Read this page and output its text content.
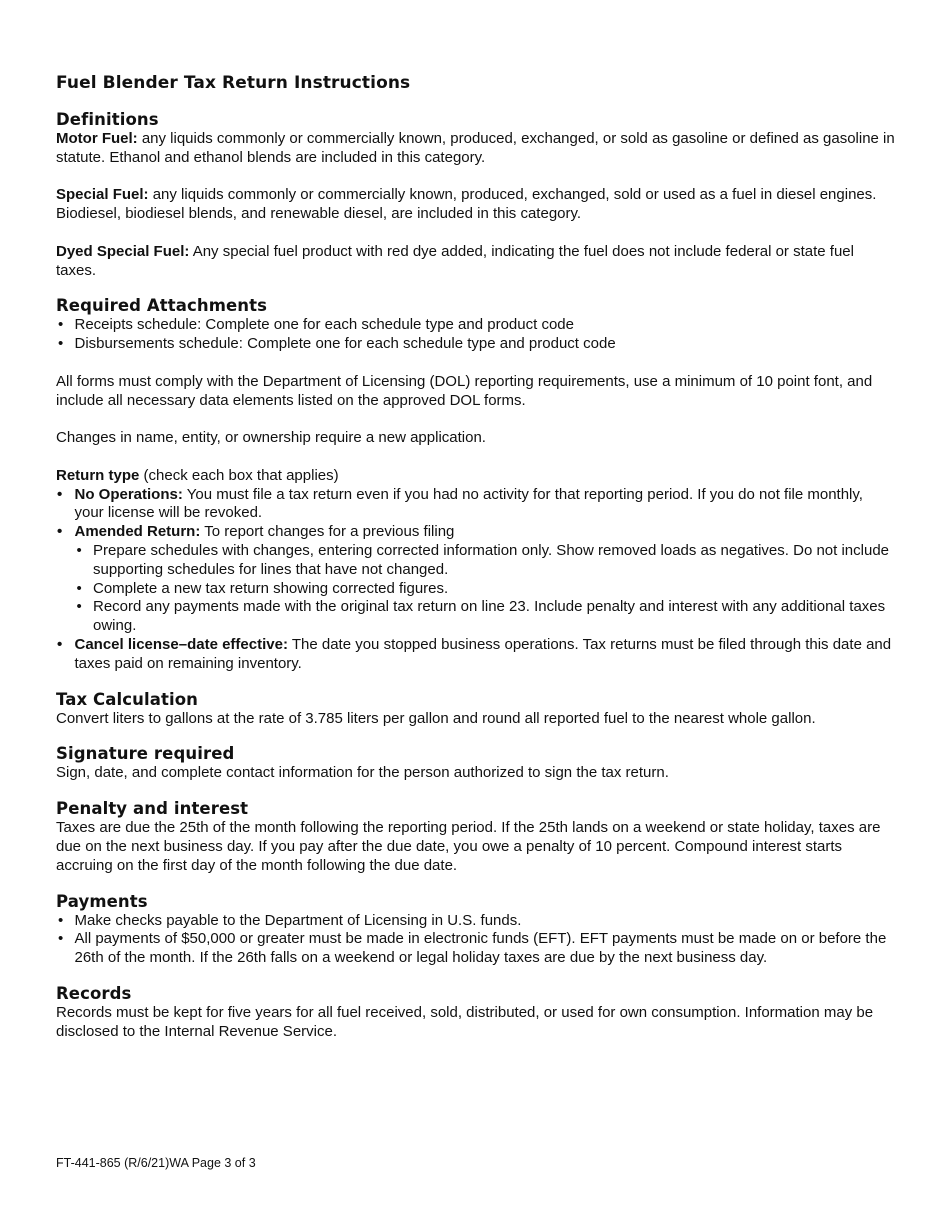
Fuel Blender Tax Return Instructions
Definitions

Motor Fuel: any liquids commonly or commercially known, produced, exchanged, or sold as gasoline or defined as gasoline in statute. Ethanol and ethanol blends are included in this category.

Special Fuel: any liquids commonly or commercially known, produced, exchanged, sold or used as a fuel in diesel engines. Biodiesel, biodiesel blends, and renewable diesel, are included in this category.

Dyed Special Fuel: Any special fuel product with red dye added, indicating the fuel does not include federal or state fuel taxes.

Required Attachments
• Receipts schedule: Complete one for each schedule type and product code
• Disbursements schedule: Complete one for each schedule type and product code

All forms must comply with the Department of Licensing (DOL) reporting requirements, use a minimum of 10 point font, and include all necessary data elements listed on the approved DOL forms.

Changes in name, entity, or ownership require a new application.

Return type (check each box that applies)

• No Operations: You must file a tax return even if you had no activity for that reporting period. If you do not file monthly, your license will be revoked.
• Amended Return: To report changes for a previous filing
• Prepare schedules with changes, entering corrected information only. Show removed loads as negatives. Do not include supporting schedules for lines that have not changed.
• Complete a new tax return showing corrected figures.
• Record any payments made with the original tax return on line 23. Include penalty and interest with any additional taxes owing.
• Cancel license–date effective: The date you stopped business operations. Tax returns must be filed through this date and taxes paid on remaining inventory.
Tax Calculation

Convert liters to gallons at the rate of 3.785 liters per gallon and round all reported fuel to the nearest whole gallon.

Signature required

Sign, date, and complete contact information for the person authorized to sign the tax return.

Penalty and interest

Taxes are due the 25th of the month following the reporting period. If the 25th lands on a weekend or state holiday, taxes are due on the next business day. If you pay after the due date, you owe a penalty of 10 percent. Compound interest starts accruing on the first day of the month following the due date.

Payments
• Make checks payable to the Department of Licensing in U.S. funds.
• All payments of $50,000 or greater must be made in electronic funds (EFT). EFT payments must be made on or before the 26th of the month. If the 26th falls on a weekend or legal holiday taxes are due by the next business day.
Records

Records must be kept for five years for all fuel received, sold, distributed, or used for own consumption. Information may be disclosed to the Internal Revenue Service.

FT-441-865 (R/6/21)WA Page 3 of 3
